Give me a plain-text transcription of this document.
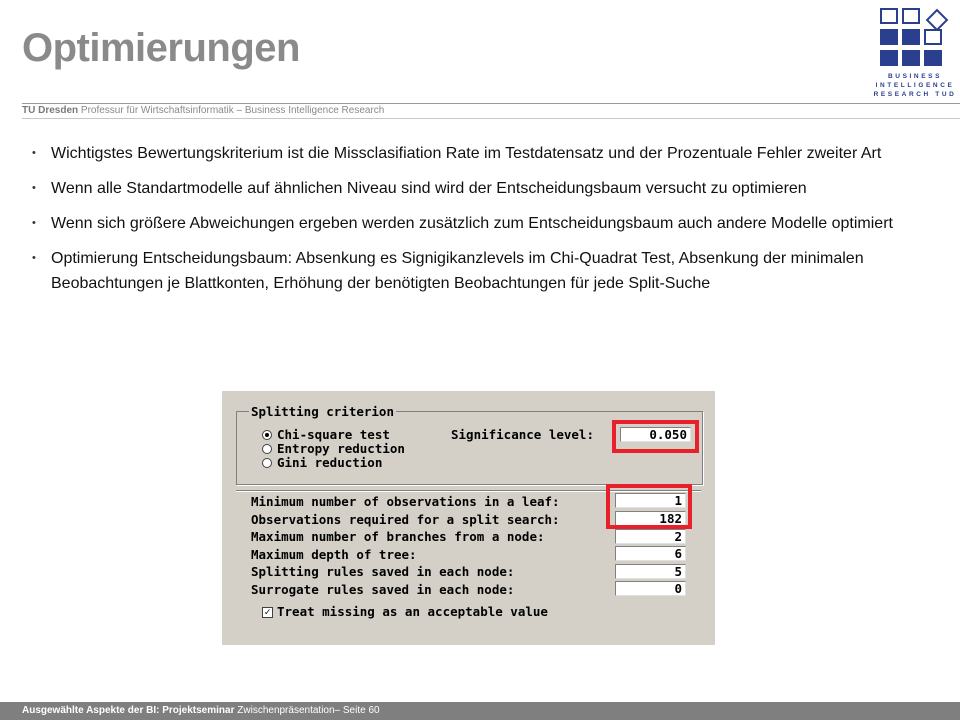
Optimierungen
BUSINESS INTELLIGENCE RESEARCH TUD
TU Dresden Professur für Wirtschaftsinformatik – Business Intelligence Research
• Wichtigstes Bewertungskriterium ist die Missclasifiation Rate im Testdatensatz und der Prozentuale Fehler zweiter Art
• Wenn alle Standartmodelle auf ähnlichen Niveau sind wird der Entscheidungsbaum versucht zu optimieren
• Wenn sich größere Abweichungen ergeben werden zusätzlich zum Entscheidungsbaum auch andere Modelle optimiert
• Optimierung Entscheidungsbaum: Absenkung es Signigikanzlevels im Chi-Quadrat Test, Absenkung der minimalen Beobachtungen je Blattkonten, Erhöhung der benötigten Beobachtungen für jede Split-Suche
Splitting criterion
Chi-square test
Entropy reduction
Gini reduction
Significance level:	0.050
Minimum number of observations in a leaf:	1
Observations required for a split search:	182
Maximum number of branches from a node:	2
Maximum depth of tree:	6
Splitting rules saved in each node:	5
Surrogate rules saved in each node:	0
✓ Treat missing as an acceptable value
Ausgewählte Aspekte der BI: Projektseminar Zwischenpräsentation– Seite 60
